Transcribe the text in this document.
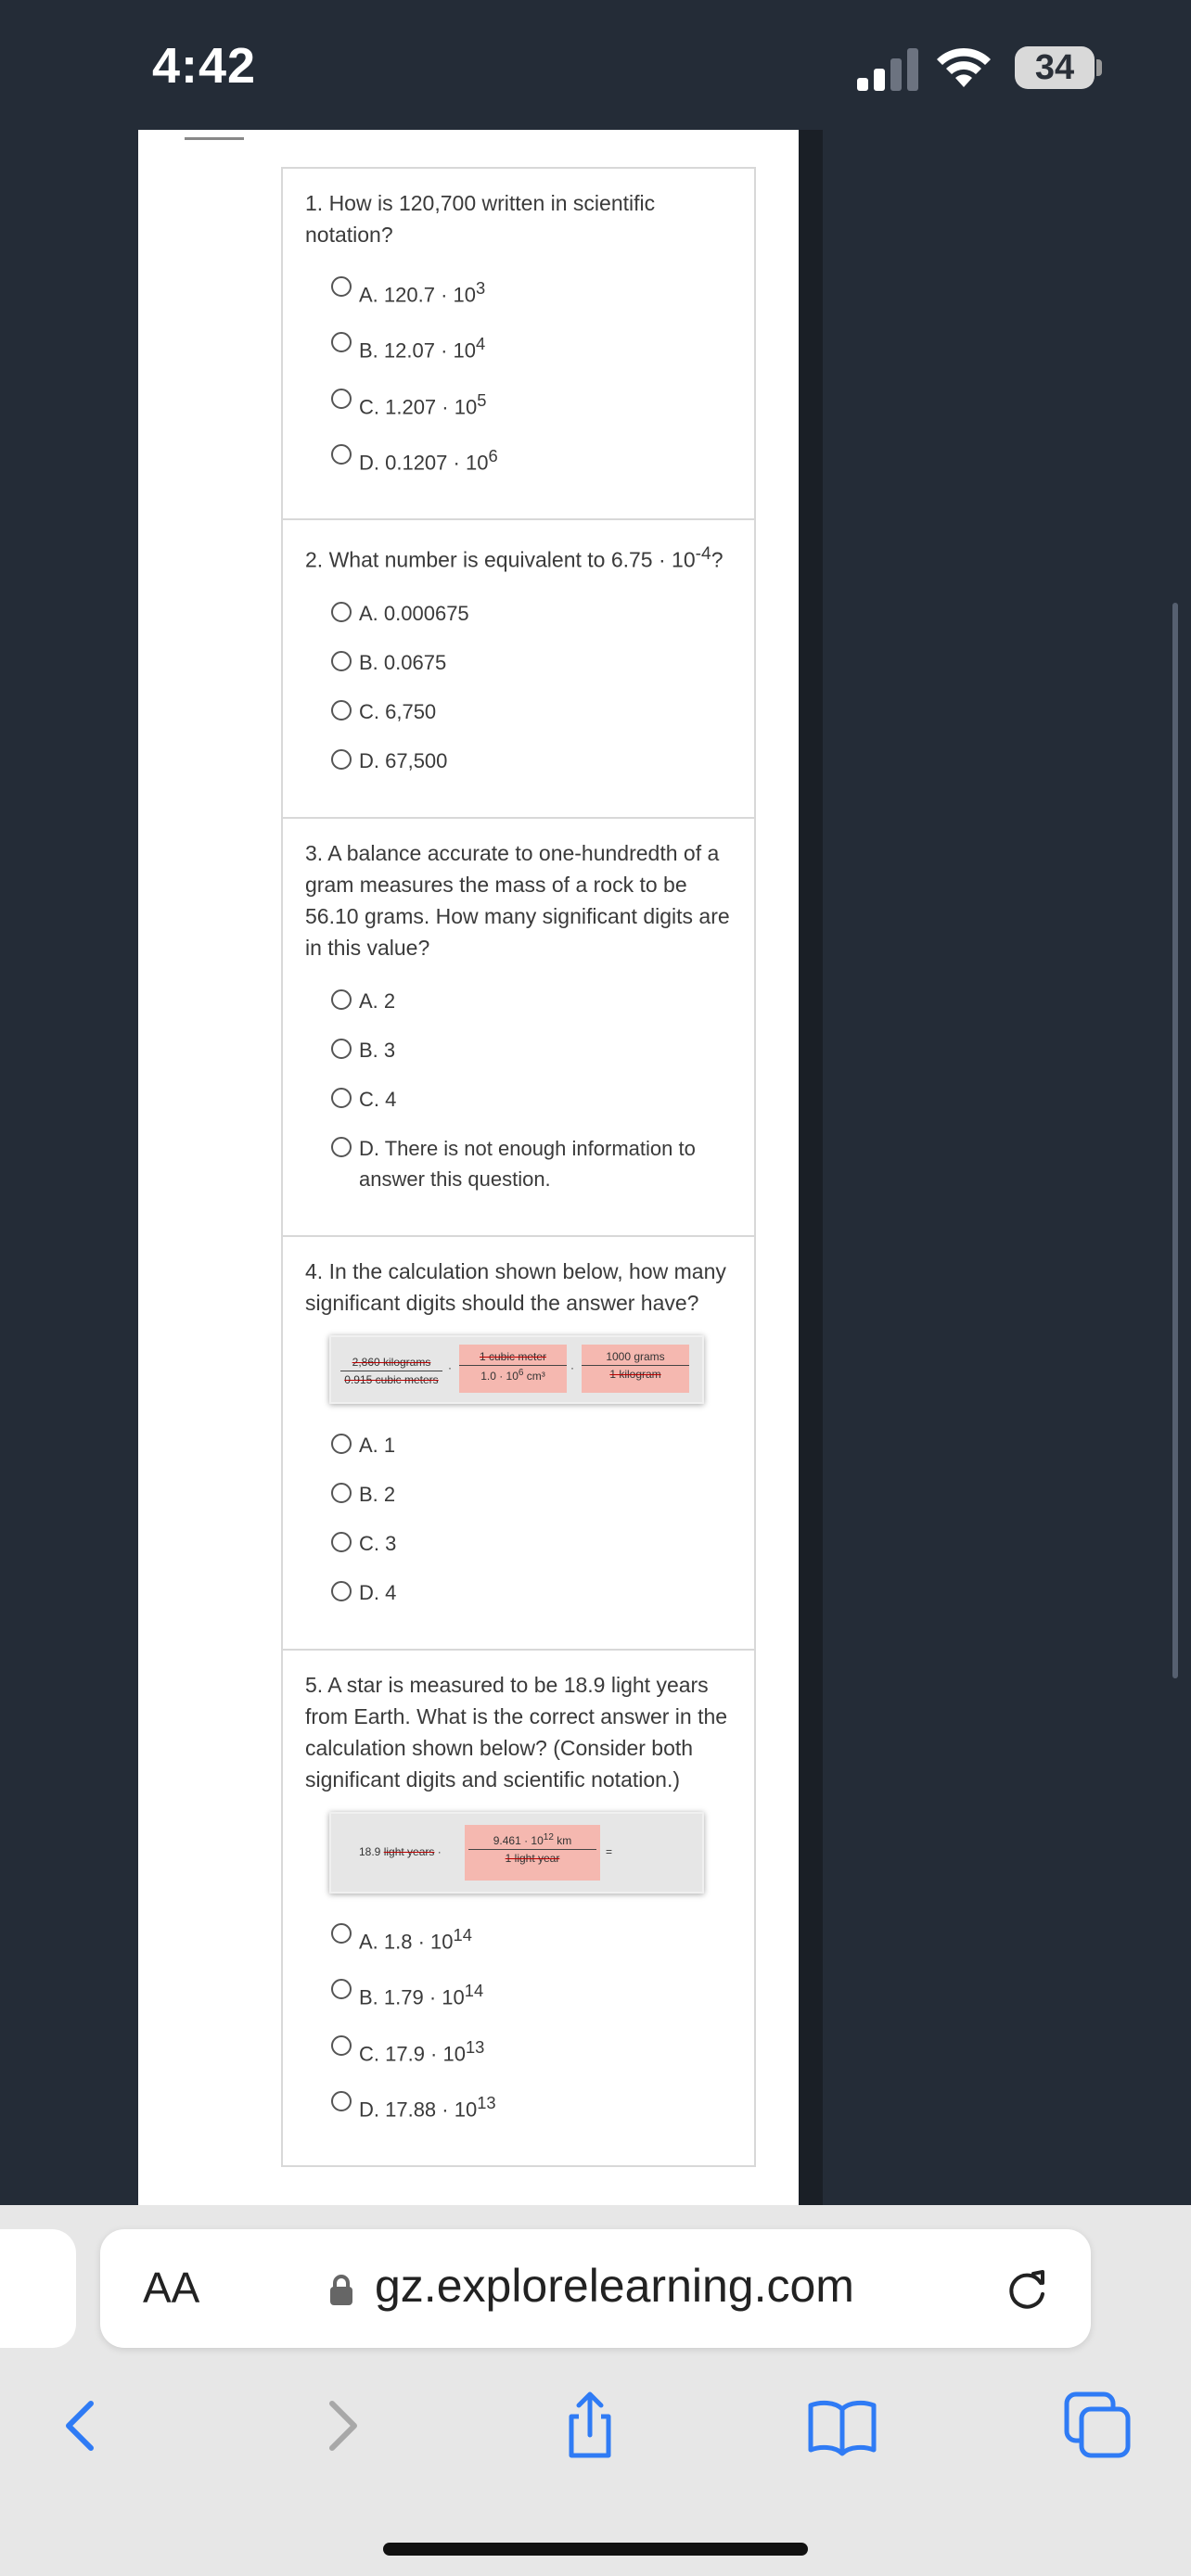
4:42	34
1. How is 120,700 written in scientific notation?
A. $120.7 \cdot 10^3$
B. $12.07 \cdot 10^4$
C. $1.207 \cdot 10^5$
D. $0.1207 \cdot 10^6$
2. What number is equivalent to $6.75 \cdot 10^{-4}$?
A. 0.000675
B. 0.0675
C. 6,750
D. 67,500
3. A balance accurate to one-hundredth of a gram measures the mass of a rock to be 56.10 grams. How many significant digits are in this value?
A. 2
B. 3
C. 4
D. There is not enough information to answer this question.
4. In the calculation shown below, how many significant digits should the answer have?
2,860 kilograms
0.915 cubic meters
·
1 cubic meter
$1.0 \cdot 10^6$ cm³
·
1000 grams
1 kilogram
A. 1
B. 2
C. 3
D. 4
5. A star is measured to be 18.9 light years from Earth. What is the correct answer in the calculation shown below? (Consider both significant digits and scientific notation.)
18.9 light years ·
$9.461 \cdot 10^{12}$ km
1 light year	=
A. $1.8 \cdot 10^{14}$
B. $1.79 \cdot 10^{14}$
C. $17.9 \cdot 10^{13}$
D. $17.88 \cdot 10^{13}$
AA	gz.explorelearning.com
